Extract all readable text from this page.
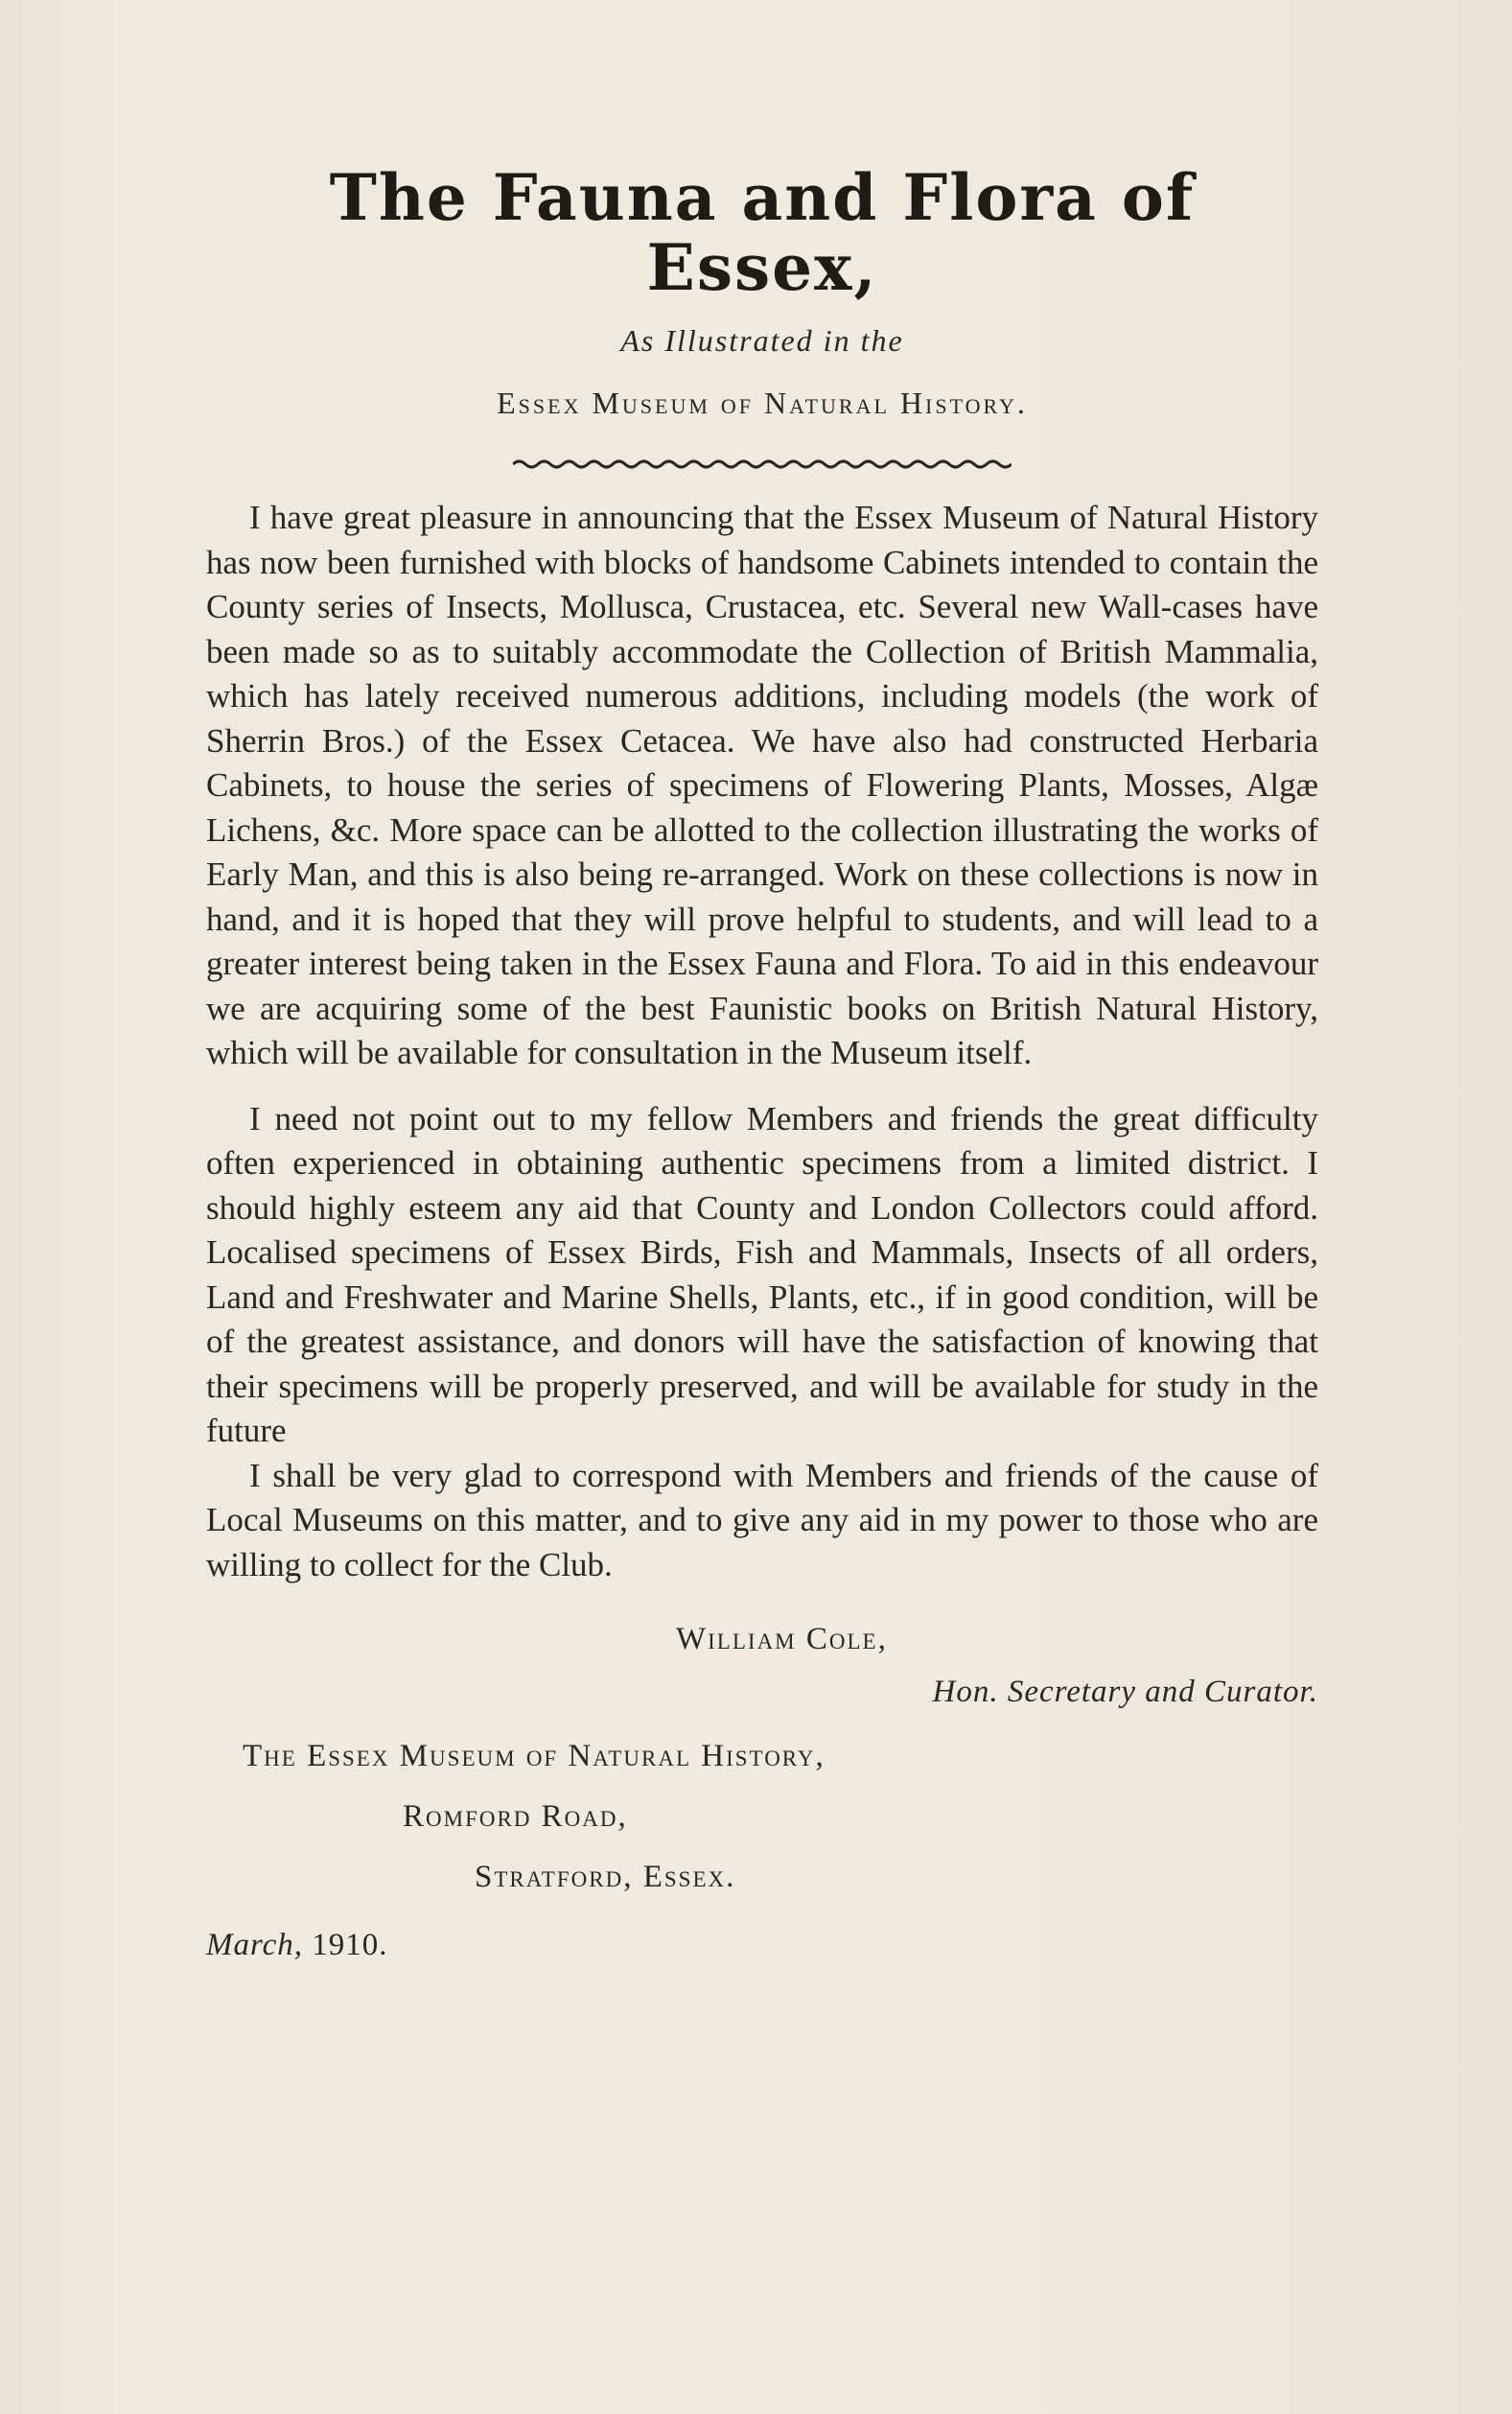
The Fauna and Flora of Essex,
As Illustrated in the
Essex Museum of Natural History.

I have great pleasure in announcing that the Essex Museum of Natural History has now been furnished with blocks of handsome Cabinets intended to contain the County series of Insects, Mollusca, Crustacea, etc. Several new Wall-cases have been made so as to suitably accommodate the Collection of British Mammalia, which has lately received numerous additions, including models (the work of Sherrin Bros.) of the Essex Cetacea. We have also had constructed Herbaria Cabinets, to house the series of specimens of Flowering Plants, Mosses, Algæ Lichens, &c. More space can be allotted to the collection illustrating the works of Early Man, and this is also being re-arranged. Work on these collections is now in hand, and it is hoped that they will prove helpful to students, and will lead to a greater interest being taken in the Essex Fauna and Flora. To aid in this endeavour we are acquiring some of the best Faunistic books on British Natural History, which will be available for consultation in the Museum itself.

I need not point out to my fellow Members and friends the great difficulty often experienced in obtaining authentic specimens from a limited district. I should highly esteem any aid that County and London Collectors could afford. Localised specimens of Essex Birds, Fish and Mammals, Insects of all orders, Land and Freshwater and Marine Shells, Plants, etc., if in good condition, will be of the greatest assistance, and donors will have the satisfaction of knowing that their specimens will be properly preserved, and will be available for study in the future

I shall be very glad to correspond with Members and friends of the cause of Local Museums on this matter, and to give any aid in my power to those who are willing to collect for the Club.

William Cole,
Hon. Secretary and Curator.
The Essex Museum of Natural History,
Romford Road,
Stratford, Essex.
March, 1910.
